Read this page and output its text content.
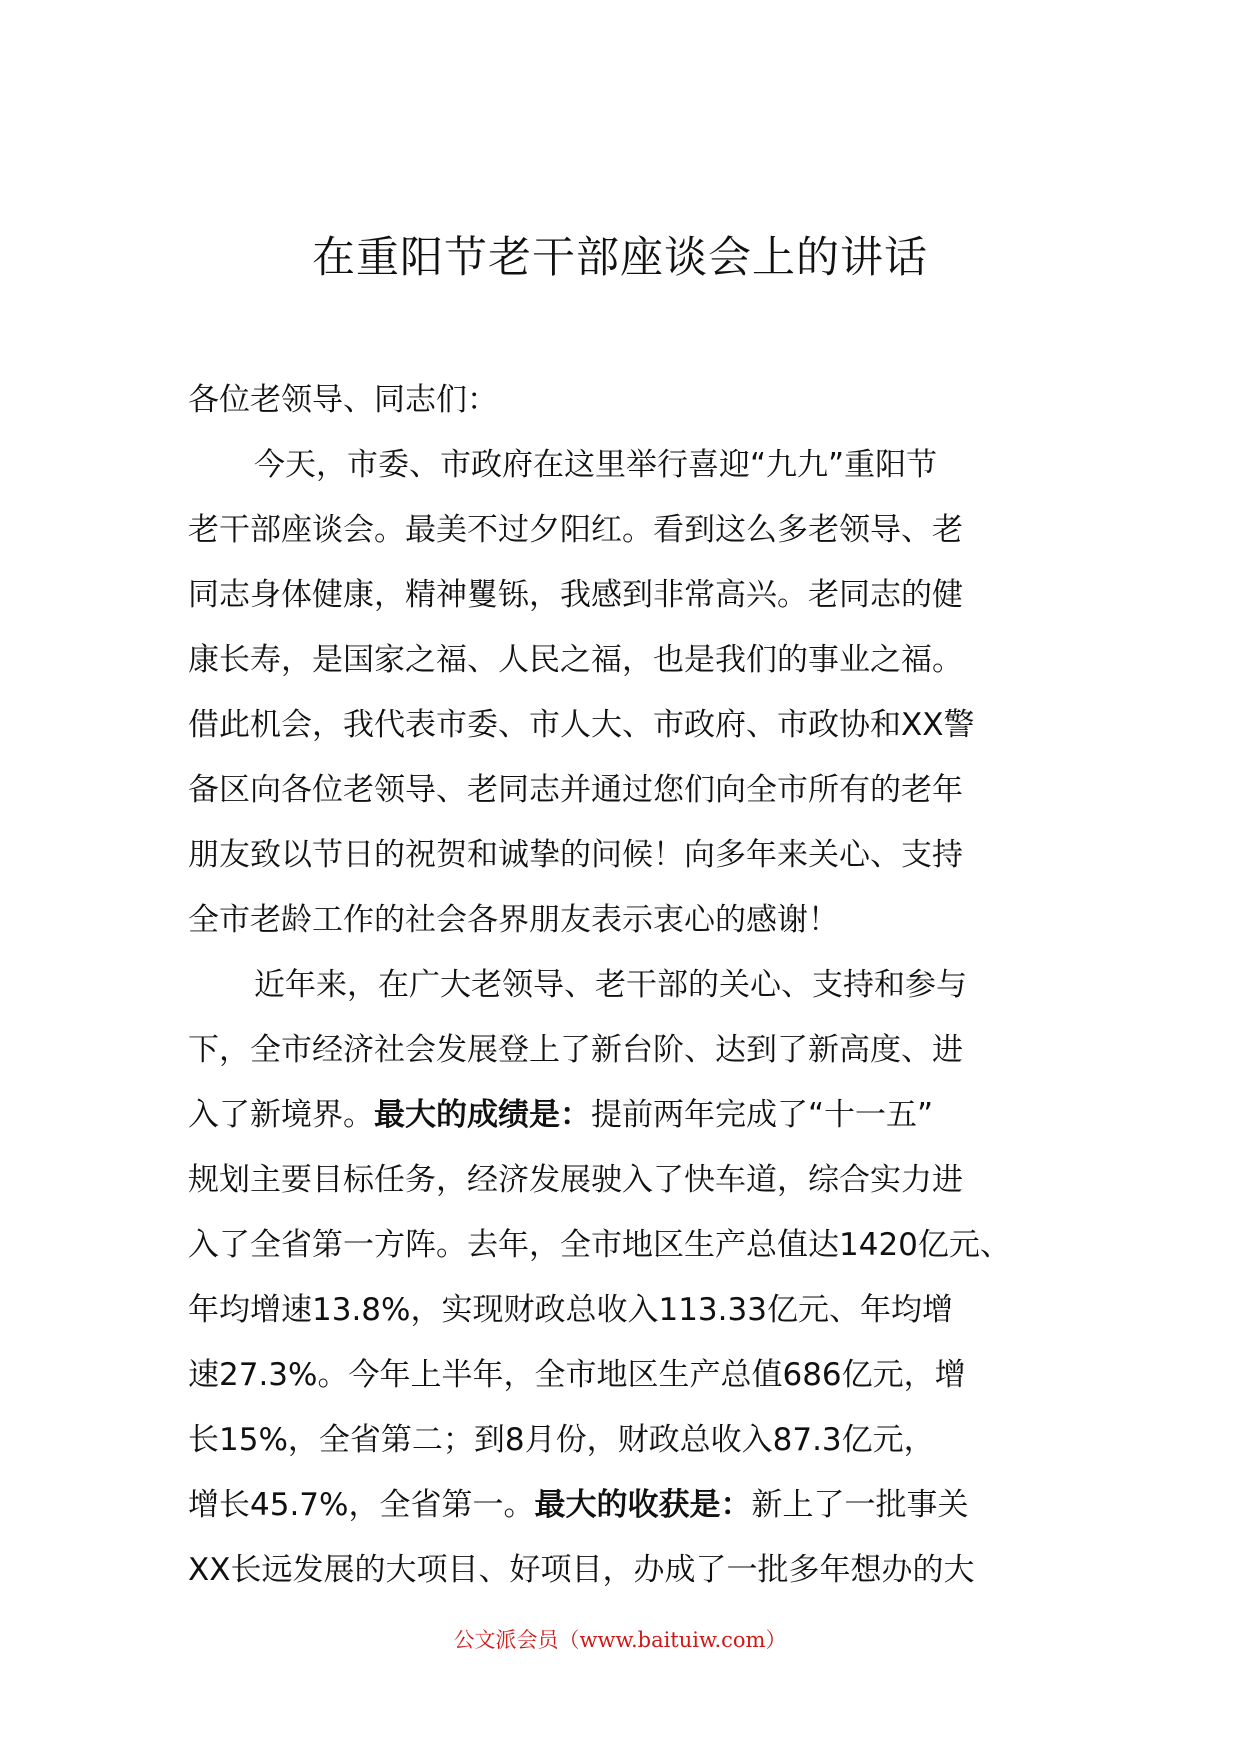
在重阳节老干部座谈会上的讲话
各位老领导、同志们：
今天，市委、市政府在这里举行喜迎“九九”重阳节
老干部座谈会。最美不过夕阳红。看到这么多老领导、老
同志身体健康，精神矍铄，我感到非常高兴。老同志的健
康长寿，是国家之福、人民之福，也是我们的事业之福。
借此机会，我代表市委、市人大、市政府、市政协和XX警
备区向各位老领导、老同志并通过您们向全市所有的老年
朋友致以节日的祝贺和诚挚的问候！向多年来关心、支持
全市老龄工作的社会各界朋友表示衷心的感谢！
近年来，在广大老领导、老干部的关心、支持和参与
下，全市经济社会发展登上了新台阶、达到了新高度、进
入了新境界。最大的成绩是：提前两年完成了“十一五”
规划主要目标任务，经济发展驶入了快车道，综合实力进
入了全省第一方阵。去年，全市地区生产总值达1420亿元、
年均增速13.8%，实现财政总收入113.33亿元、年均增
速27.3%。今年上半年，全市地区生产总值686亿元，增
长15%，全省第二；到8月份，财政总收入87.3亿元，
增长45.7%，全省第一。最大的收获是：新上了一批事关
XX长远发展的大项目、好项目，办成了一批多年想办的大
公文派会员（www.baituiw.com）
